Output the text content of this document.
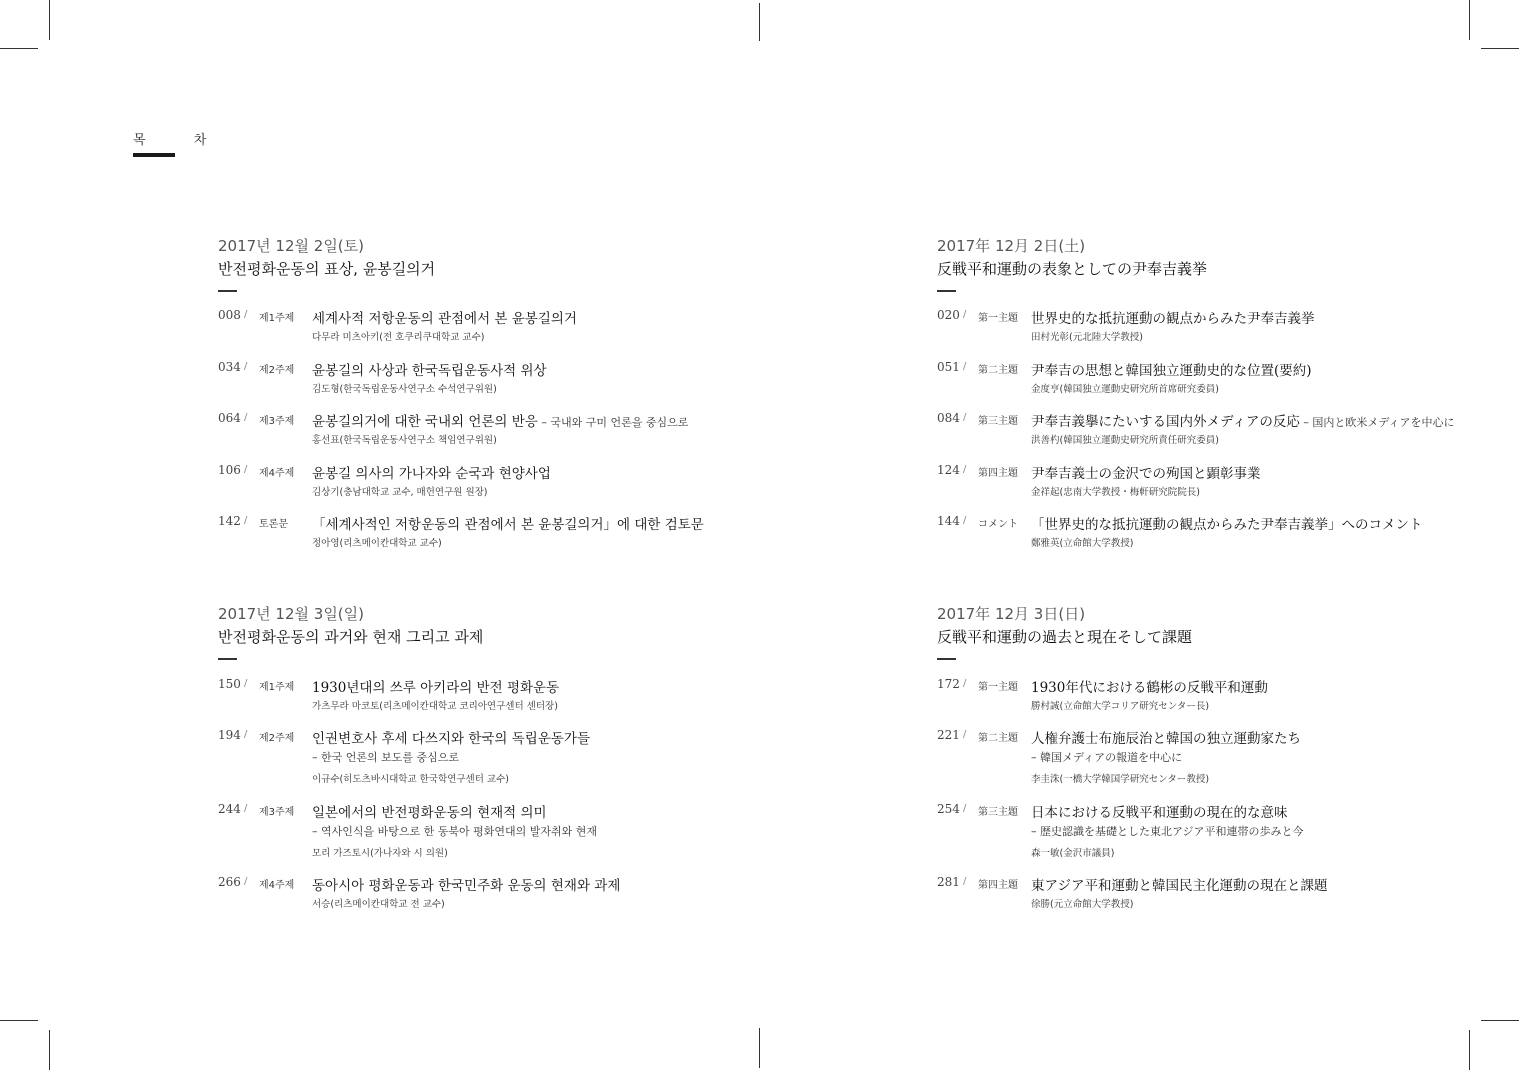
목 차
2017년 12월 2일(토)
반전평화운동의 표상, 윤봉길의거
008 / 제1주제 세계사적 저항운동의 관점에서 본 윤봉길의거
다무라 미츠아키(전 호쿠리쿠대학교 교수)
034 / 제2주제 윤봉길의 사상과 한국독립운동사적 위상
김도형(한국독립운동사연구소 수석연구위원)
064 / 제3주제 윤봉길의거에 대한 국내외 언론의 반응 – 국내와 구미 언론을 중심으로
홍선표(한국독립운동사연구소 책임연구위원)
106 / 제4주제 윤봉길 의사의 가나자와 순국과 현양사업
김상기(충남대학교 교수, 매헌연구원 원장)
142 / 토론문 「세계사적인 저항운동의 관점에서 본 윤봉길의거」에 대한 검토문
정아영(리츠메이칸대학교 교수)
2017년 12월 3일(일)
반전평화운동의 과거와 현재 그리고 과제
150 / 제1주제 1930년대의 쓰루 아키라의 반전 평화운동
가츠무라 마코토(리츠메이칸대학교 코리아연구센터 센터장)
194 / 제2주제 인권변호사 후세 다쓰지와 한국의 독립운동가들
– 한국 언론의 보도를 중심으로
이규수(히도츠바시대학교 한국학연구센터 교수)
244 / 제3주제 일본에서의 반전평화운동의 현재적 의미
– 역사인식을 바탕으로 한 동북아 평화연대의 발자취와 현재
모리 가즈토시(가나자와 시 의원)
266 / 제4주제 동아시아 평화운동과 한국민주화 운동의 현재와 과제
서승(리츠메이칸대학교 전 교수)
2017年 12月 2日(土)
反戦平和運動の表象としての尹奉吉義挙
020 / 第一主題 世界史的な抵抗運動の観点からみた尹奉吉義挙
田村光彰(元北陸大学教授)
051 / 第二主題 尹奉吉の思想と韓国独立運動史的な位置(要約)
金度亨(韓国独立運動史研究所首席研究委員)
084 / 第三主題 尹奉吉義擧にたいする国内外メディアの反応 – 国内と欧米メディアを中心に
洪善杓(韓国独立運動史研究所責任研究委員)
124 / 第四主題 尹奉吉義士の金沢での殉国と顕彰事業
金祥起(忠南大学教授・梅軒研究院院長)
144 / コメント 「世界史的な抵抗運動の観点からみた尹奉吉義挙」へのコメント
鄭雅英(立命館大学教授)
2017年 12月 3日(日)
反戦平和運動の過去と現在そして課題
172 / 第一主題 1930年代における鶴彬の反戦平和運動
勝村誠(立命館大学コリア研究センター長)
221 / 第二主題 人権弁護士布施辰治と韓国の独立運動家たち
– 韓国メディアの報道を中心に
李圭洙(一橋大学韓国学研究センター教授)
254 / 第三主題 日本における反戦平和運動の現在的な意味
– 歴史認識を基礎とした東北アジア平和連帯の歩みと今
森一敏(金沢市議員)
281 / 第四主題 東アジア平和運動と韓国民主化運動の現在と課題
徐勝(元立命館大学教授)
